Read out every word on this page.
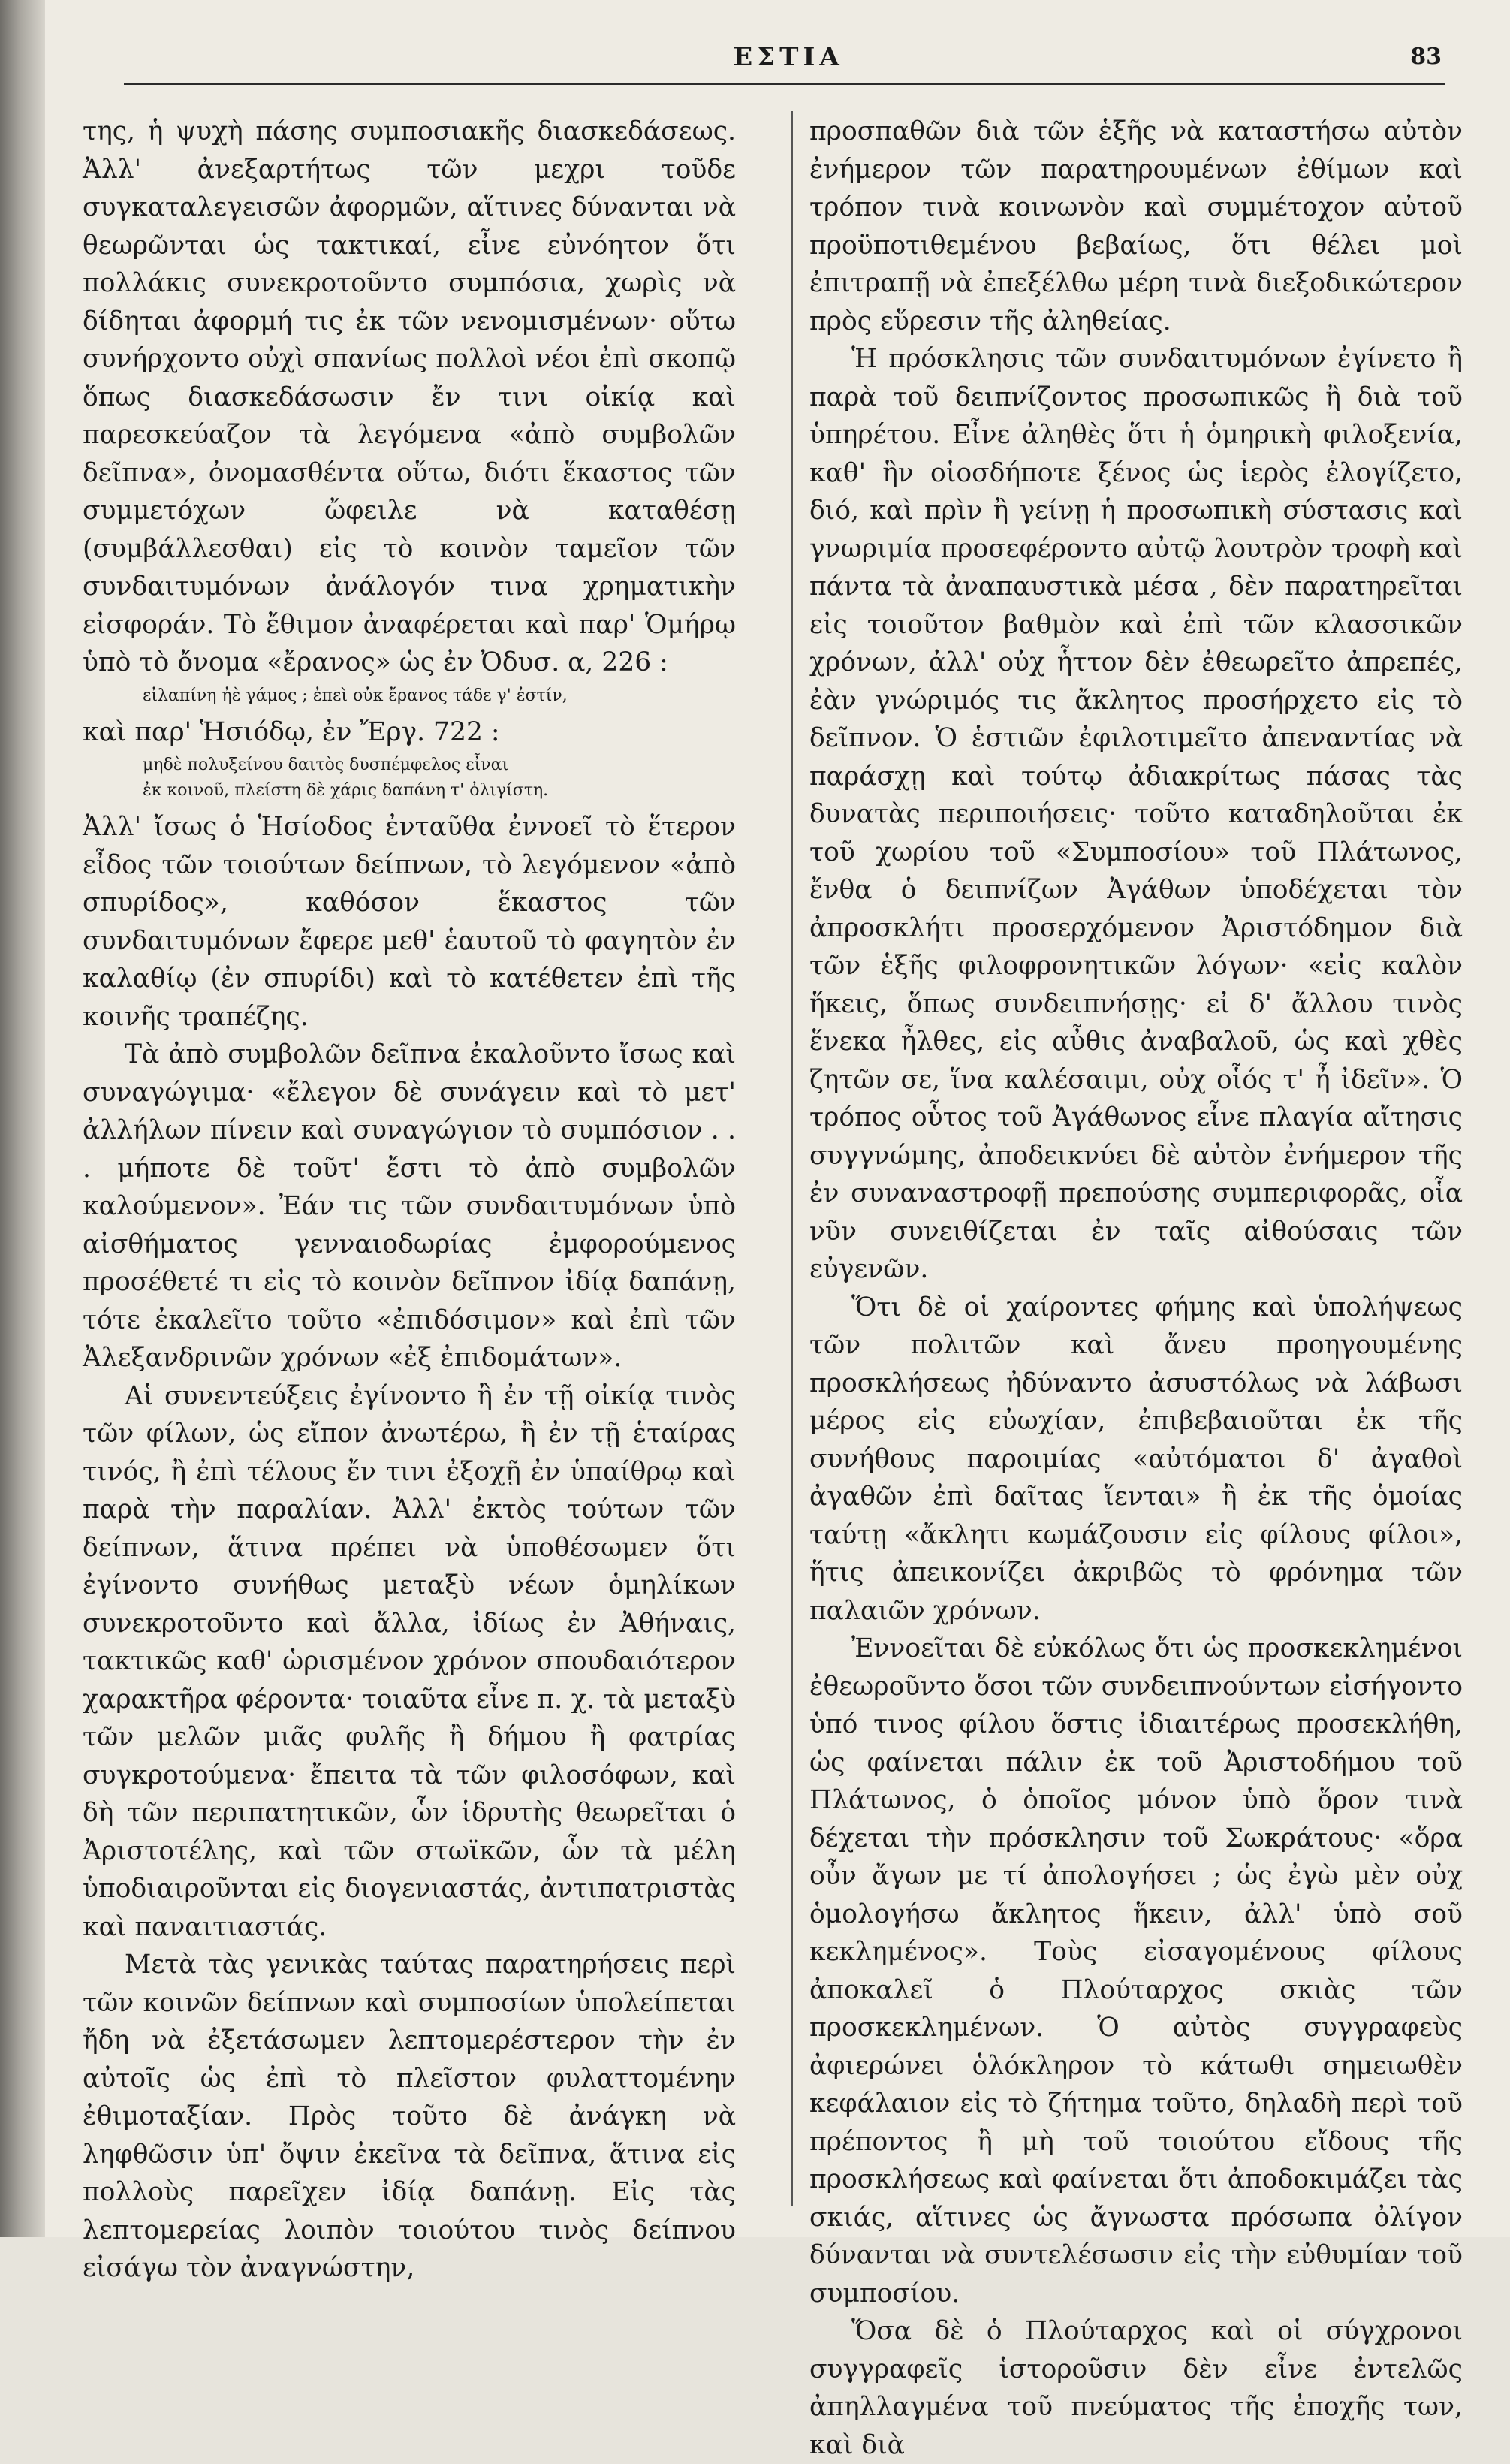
ΕΣΤΙΑ	83

της, ἡ ψυχὴ πάσης συμποσιακῆς διασκεδάσεως. Ἀλλ' ἀνεξαρτήτως τῶν μεχρι τοῦδε συγκαταλεγεισῶν ἀφορμῶν, αἵτινες δύνανται νὰ θεωρῶνται ὡς τακτικαί, εἶνε εὐνόητον ὅτι πολλάκις συνεκροτοῦντο συμπόσια, χωρὶς νὰ δίδηται ἀφορμή τις ἐκ τῶν νενομισμένων· οὕτω συνήρχοντο οὐχὶ σπανίως πολλοὶ νέοι ἐπὶ σκοπῷ ὅπως διασκεδάσωσιν ἔν τινι οἰκίᾳ καὶ παρεσκεύαζον τὰ λεγόμενα «ἀπὸ συμβολῶν δεῖπνα», ὀνομασθέντα οὕτω, διότι ἕκαστος τῶν συμμετόχων ὤφειλε νὰ καταθέσῃ (συμβάλλεσθαι) εἰς τὸ κοινὸν ταμεῖον τῶν συνδαιτυμόνων ἀνάλογόν τινα χρηματικὴν εἰσφοράν. Τὸ ἔθιμον ἀναφέρεται καὶ παρ' Ὁμήρῳ ὑπὸ τὸ ὄνομα «ἔρανος» ὡς ἐν Ὀδυσ. α, 226 :

εἰλαπίνη ἠὲ γάμος ; ἐπεὶ οὐκ ἔρανος τάδε γ' ἐστίν,

καὶ παρ' Ἡσιόδῳ, ἐν Ἔργ. 722 :

μηδὲ πολυξείνου δαιτὸς δυσπέμφελος εἶναι
ἐκ κοινοῦ, πλείστη δὲ χάρις δαπάνη τ' ὀλιγίστη.

Ἀλλ' ἴσως ὁ Ἡσίοδος ἐνταῦθα ἐννοεῖ τὸ ἕτερον εἶδος τῶν τοιούτων δείπνων, τὸ λεγόμενον «ἀπὸ σπυρίδος», καθόσον ἕκαστος τῶν συνδαιτυμόνων ἔφερε μεθ' ἑαυτοῦ τὸ φαγητὸν ἐν καλαθίῳ (ἐν σπυρίδι) καὶ τὸ κατέθετεν ἐπὶ τῆς κοινῆς τραπέζης.

Τὰ ἀπὸ συμβολῶν δεῖπνα ἐκαλοῦντο ἴσως καὶ συναγώγιμα· «ἔλεγον δὲ συνάγειν καὶ τὸ μετ' ἀλλήλων πίνειν καὶ συναγώγιον τὸ συμπόσιον . . . μήποτε δὲ τοῦτ' ἔστι τὸ ἀπὸ συμβολῶν καλούμενον». Ἐάν τις τῶν συνδαιτυμόνων ὑπὸ αἰσθήματος γενναιοδωρίας ἐμφορούμενος προσέθετέ τι εἰς τὸ κοινὸν δεῖπνον ἰδίᾳ δαπάνῃ, τότε ἐκαλεῖτο τοῦτο «ἐπιδόσιμον» καὶ ἐπὶ τῶν Ἀλεξανδρινῶν χρόνων «ἐξ ἐπιδομάτων».

Αἱ συνεντεύξεις ἐγίνοντο ἢ ἐν τῇ οἰκίᾳ τινὸς τῶν φίλων, ὡς εἴπον ἀνωτέρω, ἢ ἐν τῇ ἑταίρας τινός, ἢ ἐπὶ τέλους ἔν τινι ἐξοχῇ ἐν ὑπαίθρῳ καὶ παρὰ τὴν παραλίαν. Ἀλλ' ἐκτὸς τούτων τῶν δείπνων, ἅτινα πρέπει νὰ ὑποθέσωμεν ὅτι ἐγίνοντο συνήθως μεταξὺ νέων ὁμηλίκων συνεκροτοῦντο καὶ ἄλλα, ἰδίως ἐν Ἀθήναις, τακτικῶς καθ' ὡρισμένον χρόνον σπουδαιότερον χαρακτῆρα φέροντα· τοιαῦτα εἶνε π. χ. τὰ μεταξὺ τῶν μελῶν μιᾶς φυλῆς ἢ δήμου ἢ φατρίας συγκροτούμενα· ἔπειτα τὰ τῶν φιλοσόφων, καὶ δὴ τῶν περιπατητικῶν, ὧν ἱδρυτὴς θεωρεῖται ὁ Ἀριστοτέλης, καὶ τῶν στωϊκῶν, ὧν τὰ μέλη ὑποδιαιροῦνται εἰς διογενιαστάς, ἀντιπατριστὰς καὶ παναιτιαστάς.

Μετὰ τὰς γενικὰς ταύτας παρατηρήσεις περὶ τῶν κοινῶν δείπνων καὶ συμποσίων ὑπολείπεται ἤδη νὰ ἐξετάσωμεν λεπτομερέστερον τὴν ἐν αὐτοῖς ὡς ἐπὶ τὸ πλεῖστον φυλαττομένην ἐθιμοταξίαν. Πρὸς τοῦτο δὲ ἀνάγκη νὰ ληφθῶσιν ὑπ' ὄψιν ἐκεῖνα τὰ δεῖπνα, ἅτινα εἰς πολλοὺς παρεῖχεν ἰδίᾳ δαπάνῃ. Εἰς τὰς λεπτομερείας λοιπὸν τοιούτου τινὸς δείπνου εἰσάγω τὸν ἀναγνώστην,

προσπαθῶν διὰ τῶν ἑξῆς νὰ καταστήσω αὐτὸν ἐνήμερον τῶν παρατηρουμένων ἐθίμων καὶ τρόπον τινὰ κοινωνὸν καὶ συμμέτοχον αὐτοῦ προϋποτιθεμένου βεβαίως, ὅτι θέλει μοὶ ἐπιτραπῇ νὰ ἐπεξέλθω μέρη τινὰ διεξοδικώτερον πρὸς εὕρεσιν τῆς ἀληθείας.

Ἡ πρόσκλησις τῶν συνδαιτυμόνων ἐγίνετο ἢ παρὰ τοῦ δειπνίζοντος προσωπικῶς ἢ διὰ τοῦ ὑπηρέτου. Εἶνε ἀληθὲς ὅτι ἡ ὁμηρικὴ φιλοξενία, καθ' ἣν οἱοσδήποτε ξένος ὡς ἱερὸς ἐλογίζετο, διό, καὶ πρὶν ἢ γείνῃ ἡ προσωπικὴ σύστασις καὶ γνωριμία προσεφέροντο αὐτῷ λουτρὸν τροφὴ καὶ πάντα τὰ ἀναπαυστικὰ μέσα , δὲν παρατηρεῖται εἰς τοιοῦτον βαθμὸν καὶ ἐπὶ τῶν κλασσικῶν χρόνων, ἀλλ' οὐχ ἧττον δὲν ἐθεωρεῖτο ἀπρεπές, ἐὰν γνώριμός τις ἄκλητος προσήρχετο εἰς τὸ δεῖπνον. Ὁ ἑστιῶν ἐφιλοτιμεῖτο ἀπεναντίας νὰ παράσχῃ καὶ τούτῳ ἀδιακρίτως πάσας τὰς δυνατὰς περιποιήσεις· τοῦτο καταδηλοῦται ἐκ τοῦ χωρίου τοῦ «Συμποσίου» τοῦ Πλάτωνος, ἔνθα ὁ δειπνίζων Ἀγάθων ὑποδέχεται τὸν ἀπροσκλήτι προσερχόμενον Ἀριστόδημον διὰ τῶν ἑξῆς φιλοφρονητικῶν λόγων· «εἰς καλὸν ἥκεις, ὅπως συνδειπνήσῃς· εἰ δ' ἄλλου τινὸς ἕνεκα ἦλθες, εἰς αὖθις ἀναβαλοῦ, ὡς καὶ χθὲς ζητῶν σε, ἵνα καλέσαιμι, οὐχ οἷός τ' ἦ ἰδεῖν». Ὁ τρόπος οὗτος τοῦ Ἀγάθωνος εἶνε πλαγία αἴτησις συγγνώμης, ἀποδεικνύει δὲ αὐτὸν ἐνήμερον τῆς ἐν συναναστροφῇ πρεπούσης συμπεριφορᾶς, οἷα νῦν συνειθίζεται ἐν ταῖς αἰθούσαις τῶν εὐγενῶν.

Ὅτι δὲ οἱ χαίροντες φήμης καὶ ὑπολήψεως τῶν πολιτῶν καὶ ἄνευ προηγουμένης προσκλήσεως ἠδύναντο ἀσυστόλως νὰ λάβωσι μέρος εἰς εὐωχίαν, ἐπιβεβαιοῦται ἐκ τῆς συνήθους παροιμίας «αὐτόματοι δ' ἀγαθοὶ ἀγαθῶν ἐπὶ δαῖτας ἵενται» ἢ ἐκ τῆς ὁμοίας ταύτῃ «ἄκλητι κωμάζουσιν εἰς φίλους φίλοι», ἥτις ἀπεικονίζει ἀκριβῶς τὸ φρόνημα τῶν παλαιῶν χρόνων.

Ἐννοεῖται δὲ εὐκόλως ὅτι ὡς προσκεκλημένοι ἐθεωροῦντο ὅσοι τῶν συνδειπνούντων εἰσήγοντο ὑπό τινος φίλου ὅστις ἰδιαιτέρως προσεκλήθη, ὡς φαίνεται πάλιν ἐκ τοῦ Ἀριστοδήμου τοῦ Πλάτωνος, ὁ ὁποῖος μόνον ὑπὸ ὅρον τινὰ δέχεται τὴν πρόσκλησιν τοῦ Σωκράτους· «ὅρα οὖν ἄγων με τί ἀπολογήσει ; ὡς ἐγὼ μὲν οὐχ ὁμολογήσω ἄκλητος ἥκειν, ἀλλ' ὑπὸ σοῦ κεκλημένος». Τοὺς εἰσαγομένους φίλους ἀποκαλεῖ ὁ Πλούταρχος σκιὰς τῶν προσκεκλημένων. Ὁ αὐτὸς συγγραφεὺς ἀφιερώνει ὁλόκληρον τὸ κάτωθι σημειωθὲν κεφάλαιον εἰς τὸ ζήτημα τοῦτο, δηλαδὴ περὶ τοῦ πρέποντος ἢ μὴ τοῦ τοιούτου εἴδους τῆς προσκλήσεως καὶ φαίνεται ὅτι ἀποδοκιμάζει τὰς σκιάς, αἵτινες ὡς ἄγνωστα πρόσωπα ὀλίγον δύνανται νὰ συντελέσωσιν εἰς τὴν εὐθυμίαν τοῦ συμποσίου.

Ὅσα δὲ ὁ Πλούταρχος καὶ οἱ σύγχρονοι συγγραφεῖς ἱστοροῦσιν δὲν εἶνε ἐντελῶς ἀπηλλαγμένα τοῦ πνεύματος τῆς ἐποχῆς των, καὶ διὰ
